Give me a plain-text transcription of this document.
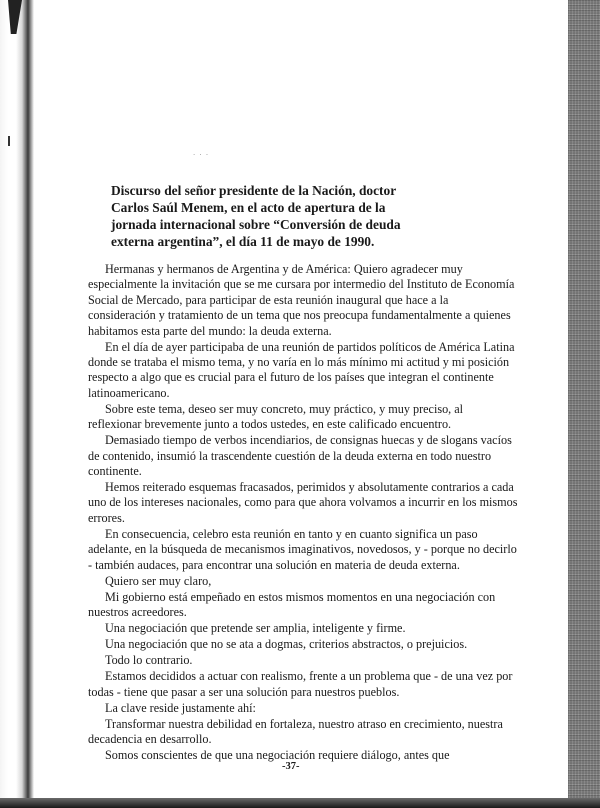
· · ·

Discurso del señor presidente de la Nación, doctor

Carlos Saúl Menem, en el acto de apertura de la

jornada internacional sobre “Conversión de deuda

externa argentina”, el día 11 de mayo de 1990.

Hermanas y hermanos de Argentina y de América: Quiero agradecer muy especialmente la invitación que se me cursara por intermedio del Instituto de Economía Social de Mercado, para participar de esta reunión inaugural que hace a la consideración y tratamiento de un tema que nos preocupa fundamentalmente a quienes habitamos esta parte del mundo: la deuda externa.

En el día de ayer participaba de una reunión de partidos políticos de América Latina donde se trataba el mismo tema, y no varía en lo más mínimo mi actitud y mi posición respecto a algo que es crucial para el futuro de los países que integran el continente latinoamericano.

Sobre este tema, deseo ser muy concreto, muy práctico, y muy preciso, al reflexionar brevemente junto a todos ustedes, en este calificado encuentro.

Demasiado tiempo de verbos incendiarios, de consignas huecas y de slogans vacíos de contenido, insumió la trascendente cuestión de la deuda externa en todo nuestro continente.

Hemos reiterado esquemas fracasados, perimidos y absolutamente contrarios a cada uno de los intereses nacionales, como para que ahora volvamos a incurrir en los mismos errores.

En consecuencia, celebro esta reunión en tanto y en cuanto significa un paso adelante, en la búsqueda de mecanismos imaginativos, novedosos, y - porque no decirlo - también audaces, para encontrar una solución en materia de deuda externa.

Quiero ser muy claro,

Mi gobierno está empeñado en estos mismos momentos en una negociación con nuestros acreedores.

Una negociación que pretende ser amplia, inteligente y firme.

Una negociación que no se ata a dogmas, criterios abstractos, o prejuicios.

Todo lo contrario.

Estamos decididos a actuar con realismo, frente a un problema que - de una vez por todas - tiene que pasar a ser una solución para nuestros pueblos.

La clave reside justamente ahí:

Transformar nuestra debilidad en fortaleza, nuestro atraso en crecimiento, nuestra decadencia en desarrollo.

Somos conscientes de que una negociación requiere diálogo, antes que

-37-
